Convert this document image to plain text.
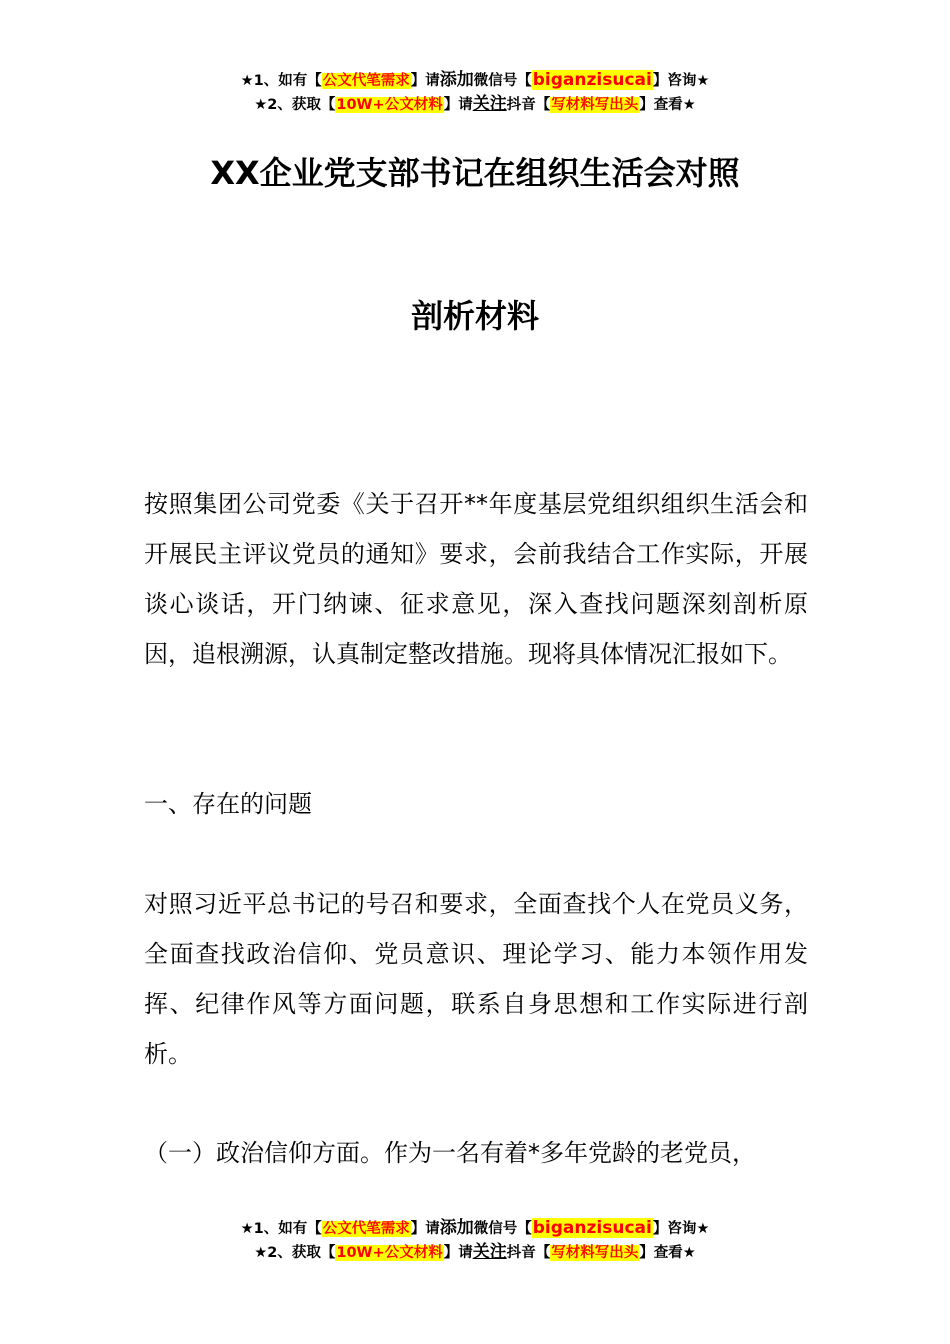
★1、如有【公文代笔需求】请添加微信号【biganzisucai】咨询★
★2、获取【10W+公文材料】请关注抖音【写材料写出头】查看★
XX企业党支部书记在组织生活会对照
剖析材料

按照集团公司党委《关于召开**年度基层党组织组织生活会和开展民主评议党员的通知》要求，会前我结合工作实际，开展谈心谈话，开门纳谏、征求意见，深入查找问题深刻剖析原因，追根溯源，认真制定整改措施。现将具体情况汇报如下。

一、存在的问题

对照习近平总书记的号召和要求，全面查找个人在党员义务，全面查找政治信仰、党员意识、理论学习、能力本领作用发挥、纪律作风等方面问题，联系自身思想和工作实际进行剖析。

（一）政治信仰方面。作为一名有着*多年党龄的老党员，

★1、如有【公文代笔需求】请添加微信号【biganzisucai】咨询★
★2、获取【10W+公文材料】请关注抖音【写材料写出头】查看★
